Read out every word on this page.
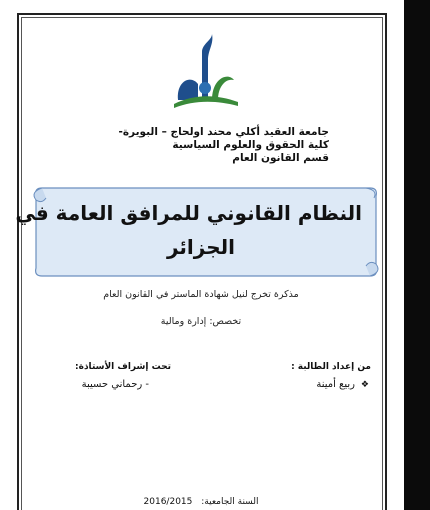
جامعة العقيد أكلي محند اولحاج – البويرة-
كلية الحقوق والعلوم السياسية
قسم القانون العام
النظام القانوني للمرافق العامة في
الجزائر
مذكرة تخرج لنيل شهادة الماستر في القانون العام
تخصص: إدارة ومالية
من إعداد الطالبة :
تحت إشراف الأستاذة:
❖
ربيع أمينة
- رحماني حسيبة
2016/2015 السنة الجامعية:
